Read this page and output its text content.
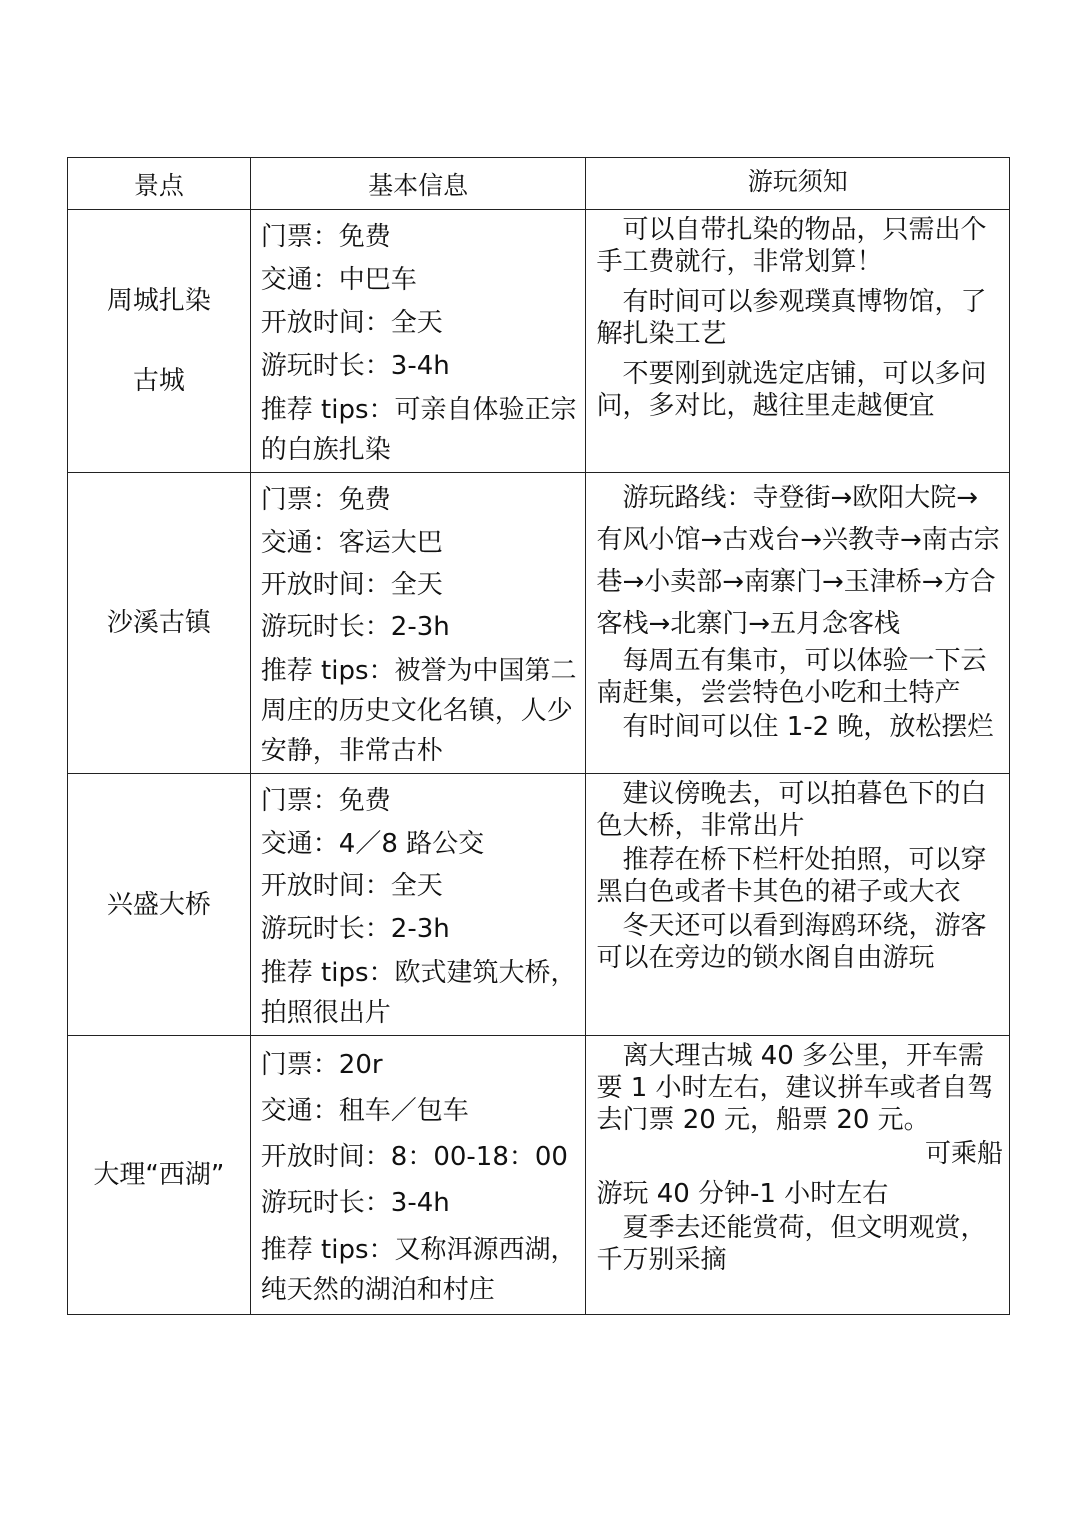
景点	基本信息	游玩须知
周城扎染
古城
门票：免费
交通：中巴车
开放时间：全天
游玩时长：3-4h
推荐 tips：可亲自体验正宗的白族扎染

可以自带扎染的物品，只需出个手工费就行，非常划算！

有时间可以参观璞真博物馆，了解扎染工艺

不要刚到就选定店铺，可以多问问，多对比，越往里走越便宜

沙溪古镇
门票：免费
交通：客运大巴
开放时间：全天
游玩时长：2-3h
推荐 tips：被誉为中国第二周庄的历史文化名镇，人少安静，非常古朴

游玩路线：寺登街→欧阳大院→有风小馆→古戏台→兴教寺→南古宗巷→小卖部→南寨门→玉津桥→方合客栈→北寨门→五月念客栈

每周五有集市，可以体验一下云南赶集，尝尝特色小吃和土特产

有时间可以住 1-2 晚，放松摆烂

兴盛大桥
门票：免费
交通：4／8 路公交
开放时间：全天
游玩时长：2-3h
推荐 tips：欧式建筑大桥，拍照很出片

建议傍晚去，可以拍暮色下的白色大桥，非常出片

推荐在桥下栏杆处拍照，可以穿黑白色或者卡其色的裙子或大衣

冬天还可以看到海鸥环绕，游客可以在旁边的锁水阁自由游玩

大理“西湖”
门票：20r
交通：租车／包车
开放时间：8：00-18：00
游玩时长：3-4h
推荐 tips：又称洱源西湖，纯天然的湖泊和村庄

离大理古城 40 多公里，开车需要 1 小时左右，建议拼车或者自驾去门票 20 元，船票 20 元。

可乘船

游玩 40 分钟-1 小时左右

夏季去还能赏荷，但文明观赏，千万别采摘
